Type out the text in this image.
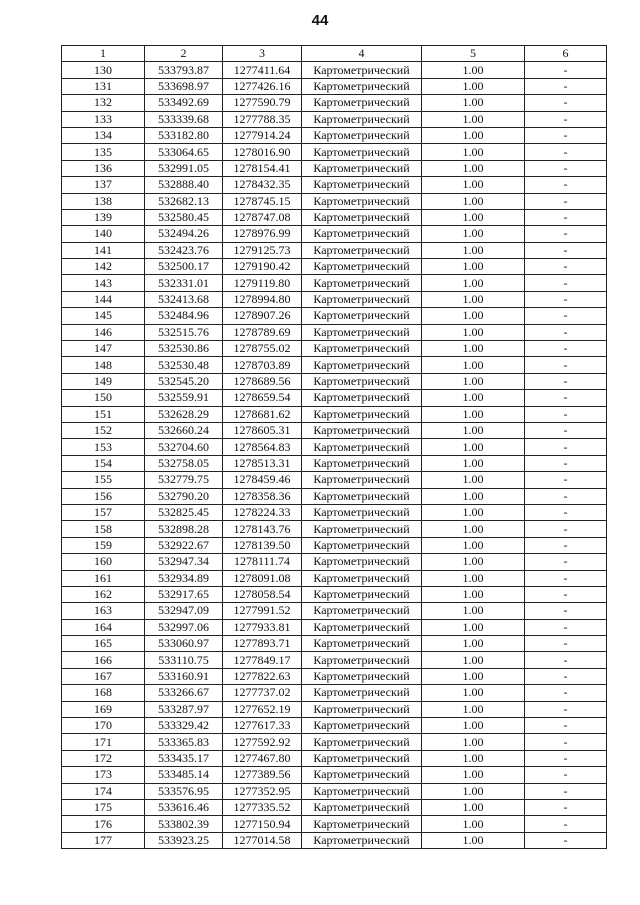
44
1	2	3	4	5	6
130	533793.87	1277411.64	Картометрический	1.00	-
131	533698.97	1277426.16	Картометрический	1.00	-
132	533492.69	1277590.79	Картометрический	1.00	-
133	533339.68	1277788.35	Картометрический	1.00	-
134	533182.80	1277914.24	Картометрический	1.00	-
135	533064.65	1278016.90	Картометрический	1.00	-
136	532991.05	1278154.41	Картометрический	1.00	-
137	532888.40	1278432.35	Картометрический	1.00	-
138	532682.13	1278745.15	Картометрический	1.00	-
139	532580.45	1278747.08	Картометрический	1.00	-
140	532494.26	1278976.99	Картометрический	1.00	-
141	532423.76	1279125.73	Картометрический	1.00	-
142	532500.17	1279190.42	Картометрический	1.00	-
143	532331.01	1279119.80	Картометрический	1.00	-
144	532413.68	1278994.80	Картометрический	1.00	-
145	532484.96	1278907.26	Картометрический	1.00	-
146	532515.76	1278789.69	Картометрический	1.00	-
147	532530.86	1278755.02	Картометрический	1.00	-
148	532530.48	1278703.89	Картометрический	1.00	-
149	532545.20	1278689.56	Картометрический	1.00	-
150	532559.91	1278659.54	Картометрический	1.00	-
151	532628.29	1278681.62	Картометрический	1.00	-
152	532660.24	1278605.31	Картометрический	1.00	-
153	532704.60	1278564.83	Картометрический	1.00	-
154	532758.05	1278513.31	Картометрический	1.00	-
155	532779.75	1278459.46	Картометрический	1.00	-
156	532790.20	1278358.36	Картометрический	1.00	-
157	532825.45	1278224.33	Картометрический	1.00	-
158	532898.28	1278143.76	Картометрический	1.00	-
159	532922.67	1278139.50	Картометрический	1.00	-
160	532947.34	1278111.74	Картометрический	1.00	-
161	532934.89	1278091.08	Картометрический	1.00	-
162	532917.65	1278058.54	Картометрический	1.00	-
163	532947.09	1277991.52	Картометрический	1.00	-
164	532997.06	1277933.81	Картометрический	1.00	-
165	533060.97	1277893.71	Картометрический	1.00	-
166	533110.75	1277849.17	Картометрический	1.00	-
167	533160.91	1277822.63	Картометрический	1.00	-
168	533266.67	1277737.02	Картометрический	1.00	-
169	533287.97	1277652.19	Картометрический	1.00	-
170	533329.42	1277617.33	Картометрический	1.00	-
171	533365.83	1277592.92	Картометрический	1.00	-
172	533435.17	1277467.80	Картометрический	1.00	-
173	533485.14	1277389.56	Картометрический	1.00	-
174	533576.95	1277352.95	Картометрический	1.00	-
175	533616.46	1277335.52	Картометрический	1.00	-
176	533802.39	1277150.94	Картометрический	1.00	-
177	533923.25	1277014.58	Картометрический	1.00	-
